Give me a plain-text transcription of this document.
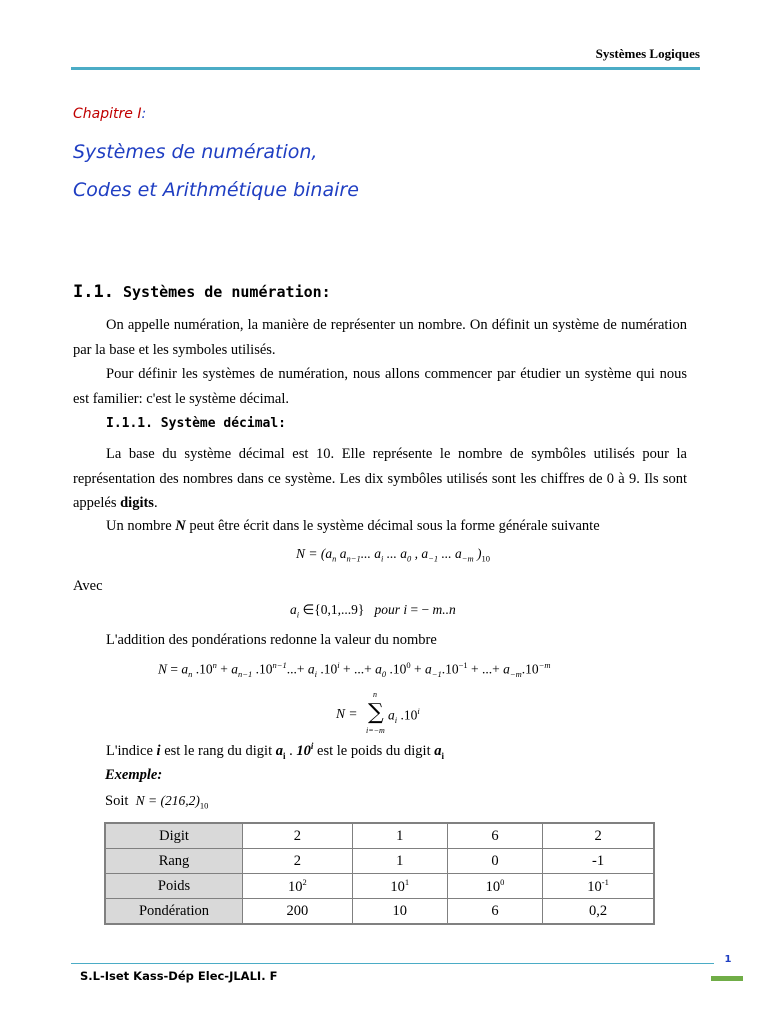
Systèmes Logiques
Chapitre I:
Systèmes de numération,
Codes et Arithmétique binaire
I.1. Systèmes de numération:
On appelle numération, la manière de représenter un nombre. On définit un système de numération par la base et les symboles utilisés.
Pour définir les systèmes de numération, nous allons commencer par étudier un système qui nous est familier: c'est le système décimal.
I.1.1. Système décimal:
La base du système décimal est 10. Elle représente le nombre de symbôles utilisés pour la représentation des nombres dans ce système. Les dix symbôles utilisés sont les chiffres de 0 à 9. Ils sont appelés digits.
Un nombre N peut être écrit dans le système décimal sous la forme générale suivante
$N = (a_n$ $a_{n-1}$... $a_i$ ... $a_0$ , $a_{-1}$ ... $a_{-m}$ )$_{10}$
Avec
$a_i$ ∈{0,1,...9}   pour i = − m..n
L'addition des pondérations redonne la valeur du nombre
$N = a_n$ $.10^n + a_{n-1}$ $.10^{n-1}...+ a_i$ $.10^i$ + ...+ $a_0$ $.10^0 + a_{-1}.10^{-1}$ + ...+ $a_{-m}.10^{-m}$
N = ∑
n
i=−m
$a_i$ .10$^i$
L'indice i est le rang du digit $a_i$ . 10$^i$ est le poids du digit $a_i$
Exemple:
Soit $N = (216,2)_{10}$
Digit	2	1	6	2
Rang	2	1	0	-1
Poids	$10^2$	$10^1$	$10^0$	$10^{-1}$
Pondération	200	10	6	0,2
1
S.L-Iset Kass-Dép Elec-JLALI. F
